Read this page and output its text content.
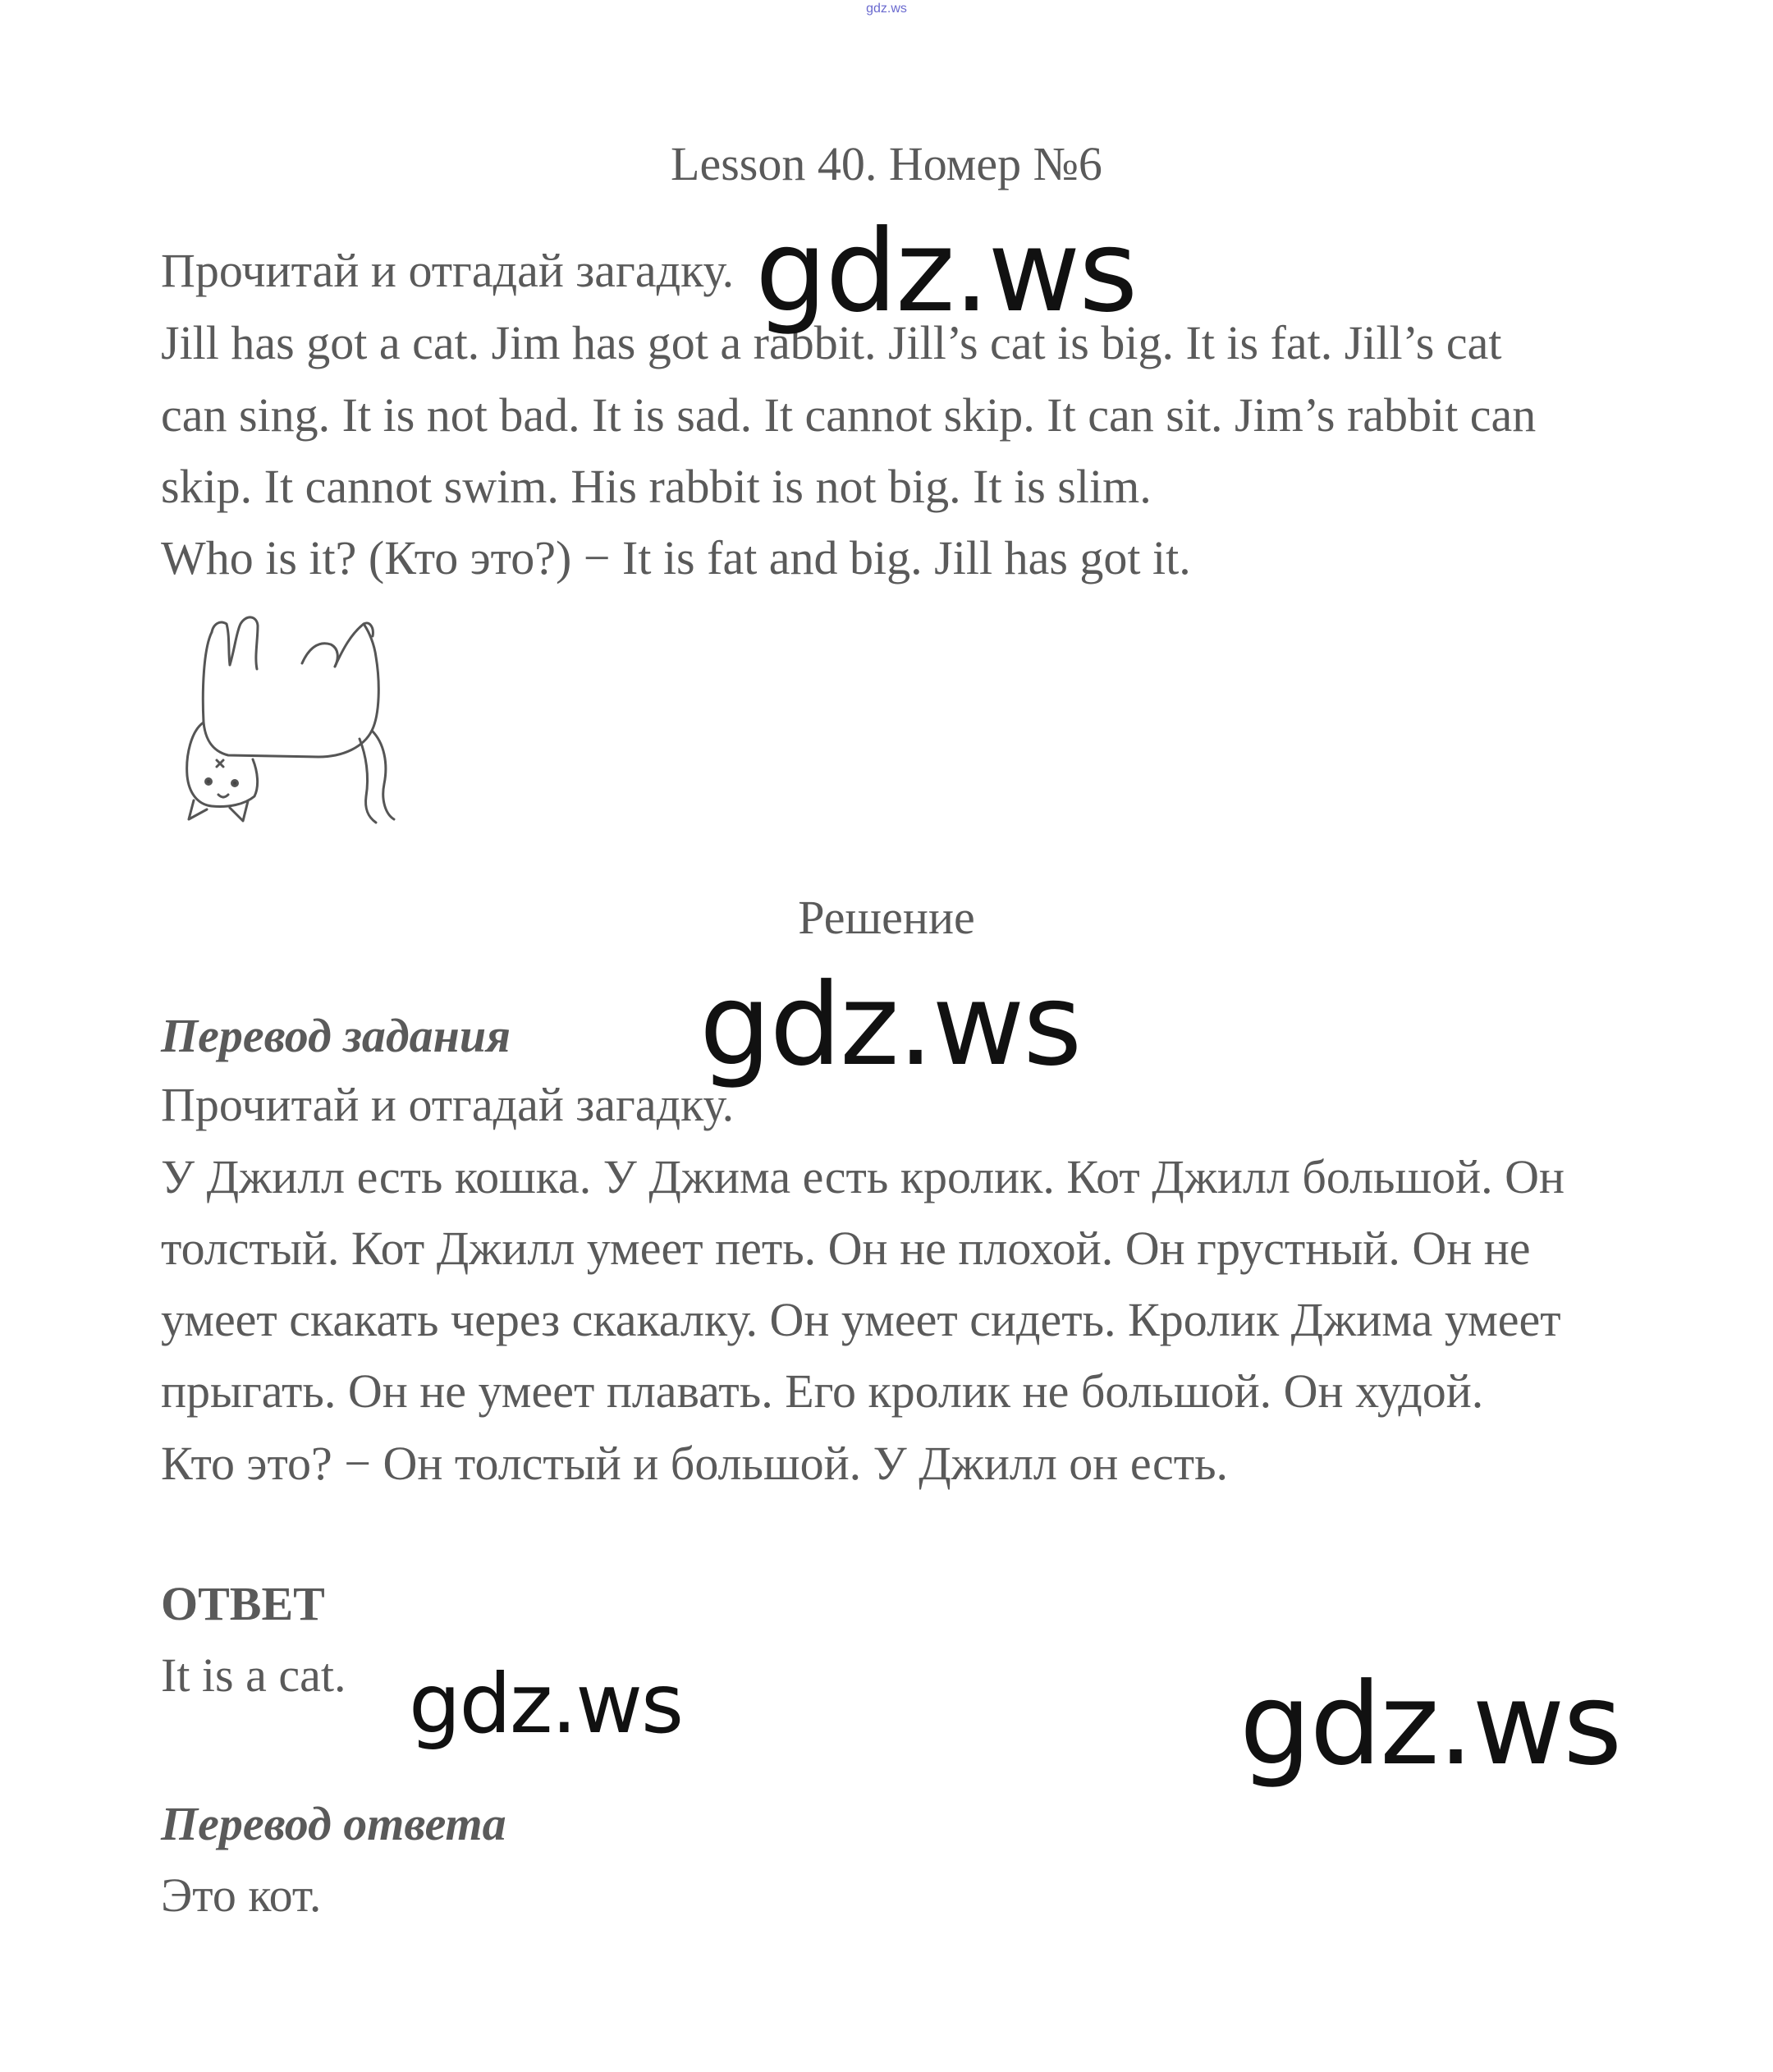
gdz.ws
Lesson 40. Номер №6
Прочитай и отгадай загадку.
Jill has got a cat. Jim has got a rabbit. Jill’s cat is big. It is fat. Jill’s cat
can sing. It is not bad. It is sad. It cannot skip. It can sit. Jim’s rabbit can
skip. It cannot swim. His rabbit is not big. It is slim.
Who is it? (Кто это?) − It is fat and big. Jill has got it.
Решение
Перевод задания
Прочитай и отгадай загадку.
У Джилл есть кошка. У Джима есть кролик. Кот Джилл большой. Он
толстый. Кот Джилл умеет петь. Он не плохой. Он грустный. Он не
умеет скакать через скакалку. Он умеет сидеть. Кролик Джима умеет
прыгать. Он не умеет плавать. Его кролик не большой. Он худой.
Кто это? − Он толстый и большой. У Джилл он есть.
ОТВЕТ
It is a cat.
Перевод ответа
Это кот.
gdz.ws
gdz.ws
gdz.ws	gdz.ws
